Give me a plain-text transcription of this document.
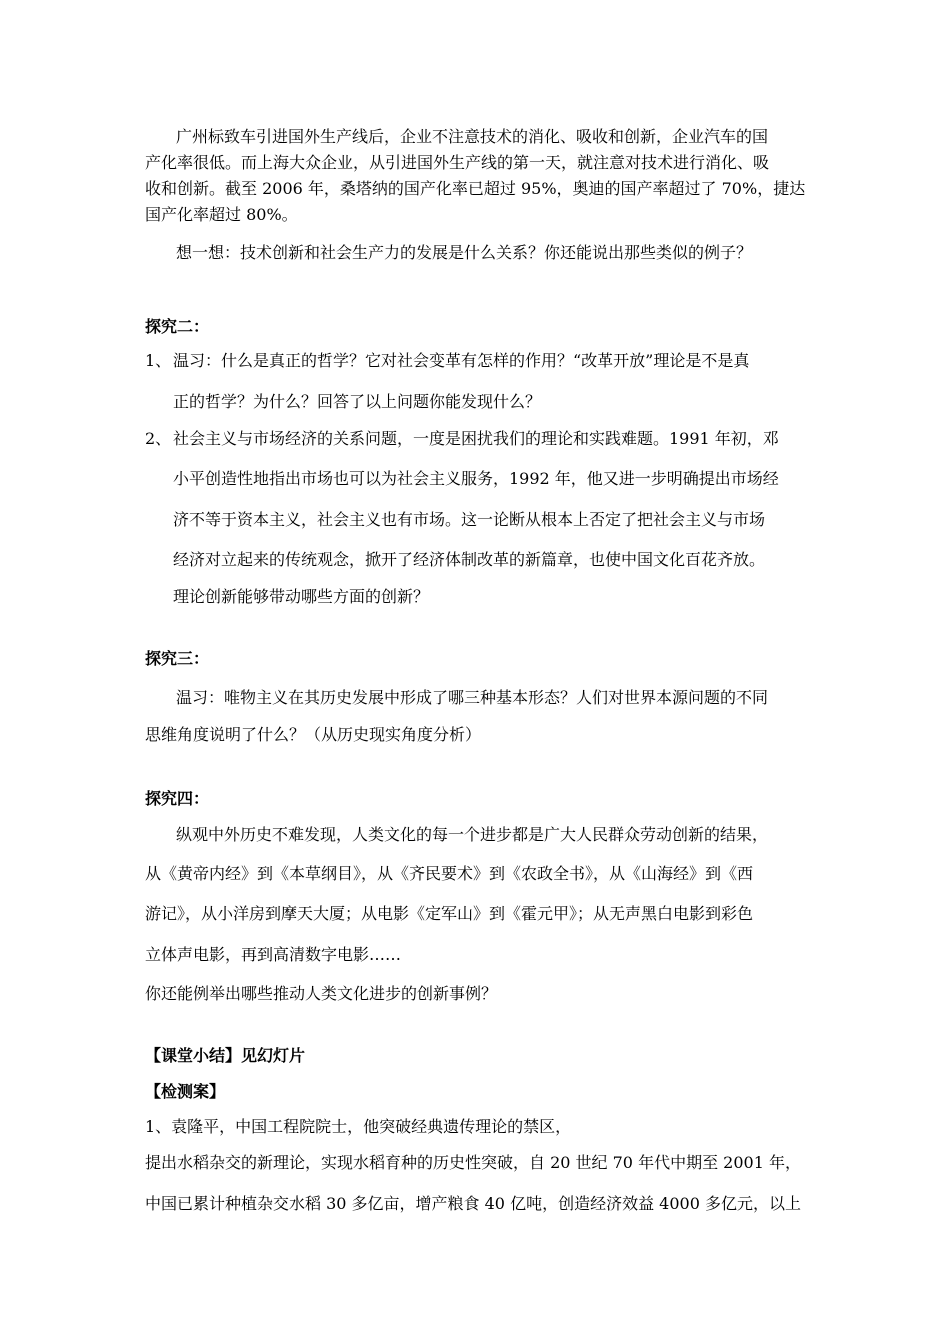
广州标致车引进国外生产线后，企业不注意技术的消化、吸收和创新，企业汽车的国
产化率很低。而上海大众企业，从引进国外生产线的第一天，就注意对技术进行消化、吸
收和创新。截至 2006 年，桑塔纳的国产化率已超过 95%，奥迪的国产率超过了 70%，捷达
国产化率超过 80%。
想一想：技术创新和社会生产力的发展是什么关系？你还能说出那些类似的例子？
探究二：
1、 温习：什么是真正的哲学？它对社会变革有怎样的作用？“改革开放”理论是不是真
正的哲学？为什么？回答了以上问题你能发现什么？
2、 社会主义与市场经济的关系问题，一度是困扰我们的理论和实践难题。1991 年初，邓
小平创造性地指出市场也可以为社会主义服务，1992 年，他又进一步明确提出市场经
济不等于资本主义，社会主义也有市场。这一论断从根本上否定了把社会主义与市场
经济对立起来的传统观念，掀开了经济体制改革的新篇章，也使中国文化百花齐放。
理论创新能够带动哪些方面的创新？
探究三：
温习：唯物主义在其历史发展中形成了哪三种基本形态？人们对世界本源问题的不同
思维角度说明了什么？（从历史现实角度分析）
探究四：
纵观中外历史不难发现，人类文化的每一个进步都是广大人民群众劳动创新的结果，
从《黄帝内经》到《本草纲目》，从《齐民要术》到《农政全书》，从《山海经》到《西
游记》，从小洋房到摩天大厦；从电影《定军山》到《霍元甲》；从无声黑白电影到彩色
立体声电影，再到高清数字电影……
你还能例举出哪些推动人类文化进步的创新事例？
【课堂小结】见幻灯片
【检测案】
1、袁隆平，中国工程院院士，他突破经典遗传理论的禁区，
提出水稻杂交的新理论，实现水稻育种的历史性突破，自 20 世纪 70 年代中期至 2001 年，
中国已累计种植杂交水稻 30 多亿亩，增产粮食 40 亿吨，创造经济效益 4000 多亿元，以上
